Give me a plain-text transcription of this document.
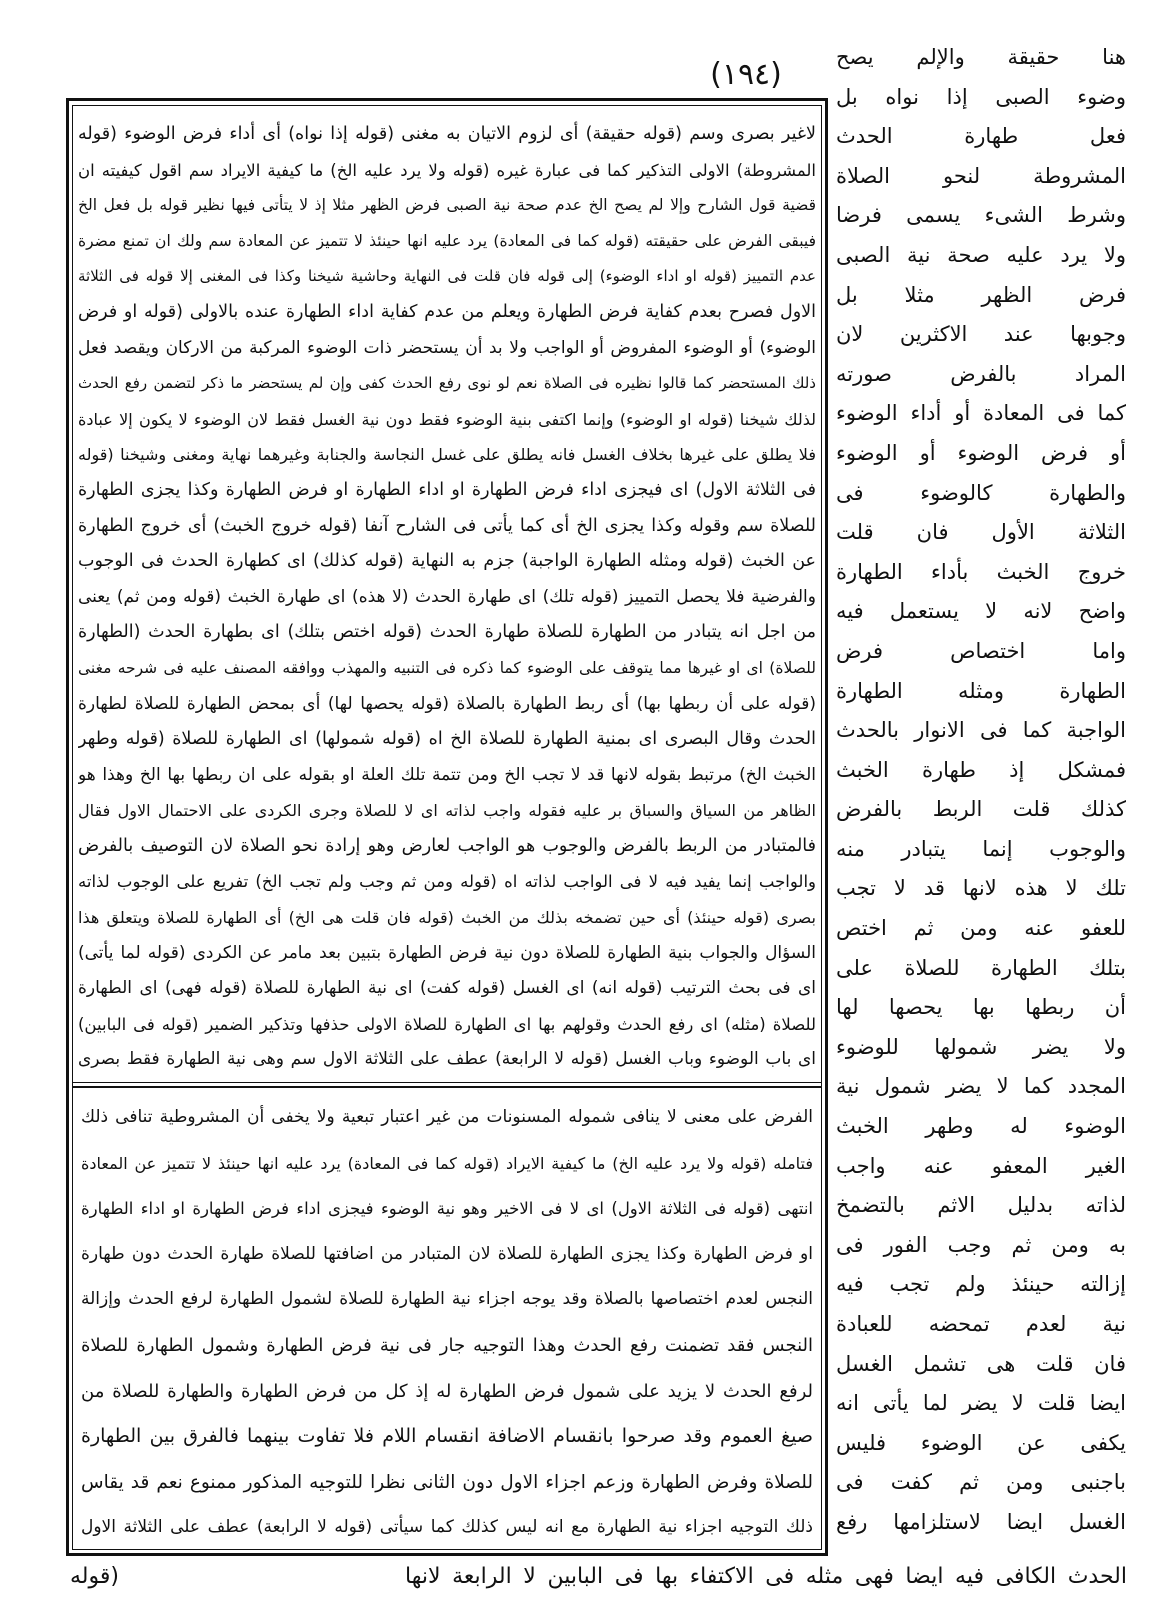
(١٩٤)	هنا حقيقة والإلم يصح
وضوء الصبى إذا نواه بل
فعل طهارة الحدث
المشروطة لنحو الصلاة
وشرط الشىء يسمى فرضا
ولا يرد عليه صحة نية الصبى
فرض الظهر مثلا بل
وجوبها عند الاكثرين لان
المراد بالفرض صورته
كما فى المعادة أو أداء الوضوء
أو فرض الوضوء أو الوضوء
والطهارة كالوضوء فى
الثلاثة الأول فان قلت
خروج الخبث بأداء الطهارة
واضح لانه لا يستعمل فيه
واما اختصاص فرض
الطهارة ومثله الطهارة
الواجبة كما فى الانوار بالحدث
فمشكل إذ طهارة الخبث
كذلك قلت الربط بالفرض
والوجوب إنما يتبادر منه
تلك لا هذه لانها قد لا تجب
للعفو عنه ومن ثم اختص
بتلك الطهارة للصلاة على
أن ربطها بها يحصها لها
ولا يضر شمولها للوضوء
المجدد كما لا يضر شمول نية
الوضوء له وطهر الخبث
الغير المعفو عنه واجب
لذاته بدليل الاثم بالتضمخ
به ومن ثم وجب الفور فى
إزالته حينئذ ولم تجب فيه
نية لعدم تمحضه للعبادة
فان قلت هى تشمل الغسل
ايضا قلت لا يضر لما يأتى انه
يكفى عن الوضوء فليس
باجنبى ومن ثم كفت فى
الغسل ايضا لاستلزامها رفع
لاغير بصرى وسم (قوله حقيقة) أى لزوم الاتيان به مغنى (قوله إذا نواه) أى أداء فرض الوضوء (قوله
المشروطة) الاولى التذكير كما فى عبارة غيره (قوله ولا يرد عليه الخ) ما كيفية الايراد سم اقول كيفيته ان
قضية قول الشارح وإلا لم يصح الخ عدم صحة نية الصبى فرض الظهر مثلا إذ لا يتأتى فيها نظير قوله بل فعل الخ
فيبقى الفرض على حقيقته (قوله كما فى المعادة) يرد عليه انها حينئذ لا تتميز عن المعادة سم ولك ان تمنع مضرة
عدم التمييز (قوله او اداء الوضوء) إلى قوله فان قلت فى النهاية وحاشية شيخنا وكذا فى المغنى إلا قوله فى الثلاثة
الاول فصرح بعدم كفاية فرض الطهارة ويعلم من عدم كفاية اداء الطهارة عنده بالاولى (قوله او فرض
الوضوء) أو الوضوء المفروض أو الواجب ولا بد أن يستحضر ذات الوضوء المركبة من الاركان ويقصد فعل
ذلك المستحضر كما قالوا نظيره فى الصلاة نعم لو نوى رفع الحدث كفى وإن لم يستحضر ما ذكر لتضمن رفع الحدث
لذلك شيخنا (قوله او الوضوء) وإنما اكتفى بنية الوضوء فقط دون نية الغسل فقط لان الوضوء لا يكون إلا عبادة
فلا يطلق على غيرها بخلاف الغسل فانه يطلق على غسل النجاسة والجنابة وغيرهما نهاية ومغنى وشيخنا (قوله
فى الثلاثة الاول) اى فيجزى اداء فرض الطهارة او اداء الطهارة او فرض الطهارة وكذا يجزى الطهارة
للصلاة سم وقوله وكذا يجزى الخ أى كما يأتى فى الشارح آنفا (قوله خروج الخبث) أى خروج الطهارة
عن الخبث (قوله ومثله الطهارة الواجبة) جزم به النهاية (قوله كذلك) اى كطهارة الحدث فى الوجوب
والفرضية فلا يحصل التمييز (قوله تلك) اى طهارة الحدث (لا هذه) اى طهارة الخبث (قوله ومن ثم) يعنى
من اجل انه يتبادر من الطهارة للصلاة طهارة الحدث (قوله اختص بتلك) اى بطهارة الحدث (الطهارة
للصلاة) اى او غيرها مما يتوقف على الوضوء كما ذكره فى التنبيه والمهذب ووافقه المصنف عليه فى شرحه مغنى
(قوله على أن ربطها بها) أى ربط الطهارة بالصلاة (قوله يحصها لها) أى بمحض الطهارة للصلاة لطهارة
الحدث وقال البصرى اى بمنية الطهارة للصلاة الخ اه (قوله شمولها) اى الطهارة للصلاة (قوله وطهر
الخبث الخ) مرتبط بقوله لانها قد لا تجب الخ ومن تتمة تلك العلة او بقوله على ان ربطها بها الخ وهذا هو
الظاهر من السياق والسباق بر عليه فقوله واجب لذاته اى لا للصلاة وجرى الكردى على الاحتمال الاول فقال
فالمتبادر من الربط بالفرض والوجوب هو الواجب لعارض وهو إرادة نحو الصلاة لان التوصيف بالفرض
والواجب إنما يفيد فيه لا فى الواجب لذاته اه (قوله ومن ثم وجب ولم تجب الخ) تفريع على الوجوب لذاته
بصرى (قوله حينئذ) أى حين تضمخه بذلك من الخبث (قوله فان قلت هى الخ) أى الطهارة للصلاة ويتعلق هذا
السؤال والجواب بنية الطهارة للصلاة دون نية فرض الطهارة بتبين بعد مامر عن الكردى (قوله لما يأتى)
اى فى بحث الترتيب (قوله انه) اى الغسل (قوله كفت) اى نية الطهارة للصلاة (قوله فهى) اى الطهارة
للصلاة (مثله) اى رفع الحدث وقولهم بها اى الطهارة للصلاة الاولى حذفها وتذكير الضمير (قوله فى البابين)
اى باب الوضوء وباب الغسل (قوله لا الرابعة) عطف على الثلاثة الاول سم وهى نية الطهارة فقط بصرى
الفرض على معنى لا ينافى شموله المسنونات من غير اعتبار تبعية ولا يخفى أن المشروطية تنافى ذلك
فتامله (قوله ولا يرد عليه الخ) ما كيفية الايراد (قوله كما فى المعادة) يرد عليه انها حينئذ لا تتميز عن المعادة
انتهى (قوله فى الثلاثة الاول) اى لا فى الاخير وهو نية الوضوء فيجزى اداء فرض الطهارة او اداء الطهارة
او فرض الطهارة وكذا يجزى الطهارة للصلاة لان المتبادر من اضافتها للصلاة طهارة الحدث دون طهارة
النجس لعدم اختصاصها بالصلاة وقد يوجه اجزاء نية الطهارة للصلاة لشمول الطهارة لرفع الحدث وإزالة
النجس فقد تضمنت رفع الحدث وهذا التوجيه جار فى نية فرض الطهارة وشمول الطهارة للصلاة
لرفع الحدث لا يزيد على شمول فرض الطهارة له إذ كل من فرض الطهارة والطهارة للصلاة من
صيغ العموم وقد صرحوا بانقسام الاضافة انقسام اللام فلا تفاوت بينهما فالفرق بين الطهارة
للصلاة وفرض الطهارة وزعم اجزاء الاول دون الثانى نظرا للتوجيه المذكور ممنوع نعم قد يقاس
ذلك التوجيه اجزاء نية الطهارة مع انه ليس كذلك كما سيأتى (قوله لا الرابعة) عطف على الثلاثة الاول
الحدث الكافى فيه ايضا فهى مثله فى الاكتفاء بها فى البابين لا الرابعة لانها
(قوله
